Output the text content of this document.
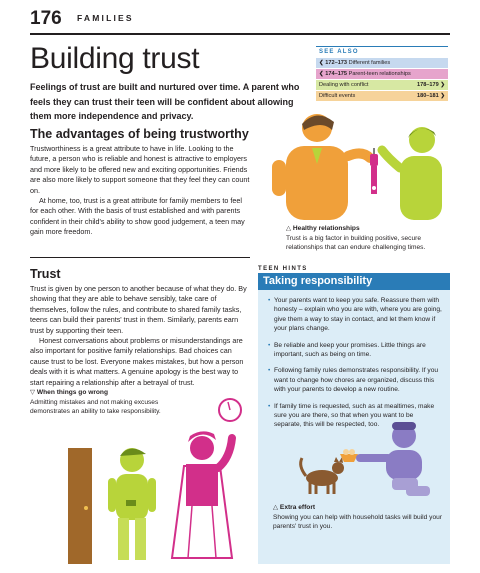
176 FAMILIES
Building trust

Feelings of trust are built and nurtured over time. A parent who feels they can trust their teen will be confident about allowing them more independence and privacy.

SEE ALSO
❮ 172–173 Different families
❮ 174–175 Parent-teen relationships
Dealing with conflict	178–179 ❯
Difficult events	180–181 ❯
The advantages of being trustworthy

Trustworthiness is a great attribute to have in life. Looking to the future, a person who is reliable and honest is attractive to employers and more likely to be offered new and exciting opportunities. Friends are also more likely to support someone that they feel they can count on.

At home, too, trust is a great attribute for family members to feel for each other. With the basis of trust established and with parents confident in their child's ability to show good judgement, a teen may gain more freedom.	△ Healthy relationships
Trust is a big factor in building positive, secure relationships that can endure challenging times.
Trust

Trust is given by one person to another because of what they do. By showing that they are able to behave sensibly, take care of themselves, follow the rules, and contribute to shared family tasks, teens can build their parents' trust in them. Similarly, parents earn trust by supporting their teen.

Honest conversations about problems or misunderstandings are also important for positive family relationships. Bad choices can cause trust to be lost. Everyone makes mistakes, but how a person deals with it is what matters. A genuine apology is the best way to start repairing a relationship after a betrayal of trust.

▽ When things go wrong
Admitting mistakes and not making excuses demonstrates an ability to take responsibility.
TEEN HINTS
Taking responsibility
• Your parents want to keep you safe. Reassure them with honesty – explain who you are with, where you are going, give them a way to stay in contact, and let them know if your plans change.
• Be reliable and keep your promises. Little things are important, such as being on time.
• Following family rules demonstrates responsibility. If you want to change how chores are organized, discuss this with your parents to develop a new routine.
• If family time is requested, such as at mealtimes, make sure you are there, so that when you want to be separate, this will be respected, too.
△ Extra effort
Showing you can help with household tasks will build your parents' trust in you.
